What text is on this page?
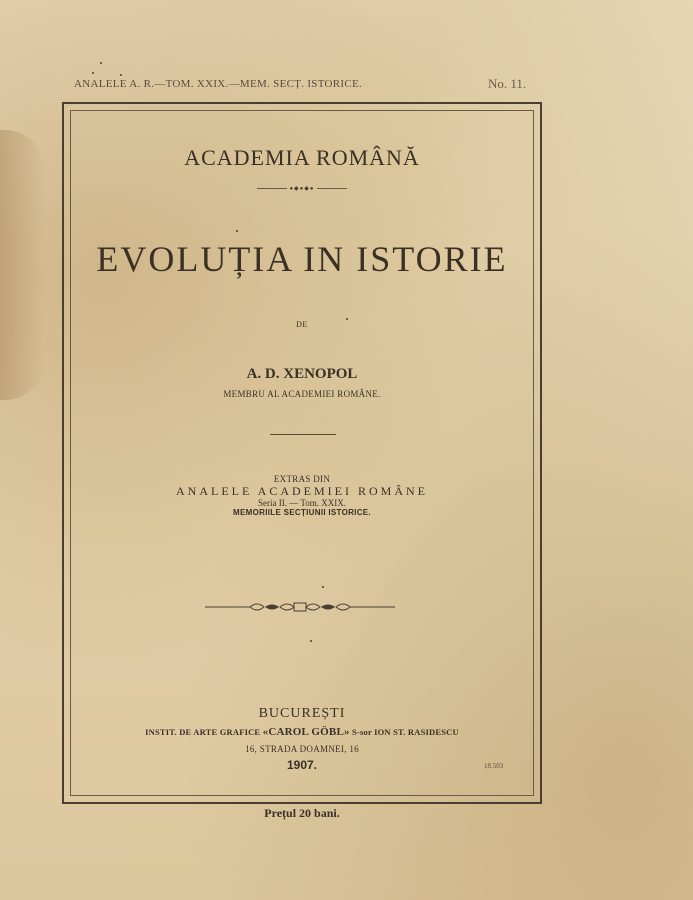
ANALELE A. R.—TOM. XXIX.—MEM. SECȚ. ISTORICE.	No. 11.
ACADEMIA ROMÂNĂ
●◆●◆●
EVOLUȚIA IN ISTORIE
DE
A. D. XENOPOL
MEMBRU AL ACADEMIEI ROMÂNE.
EXTRAS DIN
ANALELE ACADEMIEI ROMÂNE
Seria II. — Tom. XXIX.
MEMORIILE SECȚIUNII ISTORICE.
BUCUREȘTI
INSTIT. DE ARTE GRAFICE «CAROL GÖBL» S-sor ION ST. RASIDESCU
16, STRADA DOAMNEI, 16
1907.	18.503
Prețul 20 bani.
